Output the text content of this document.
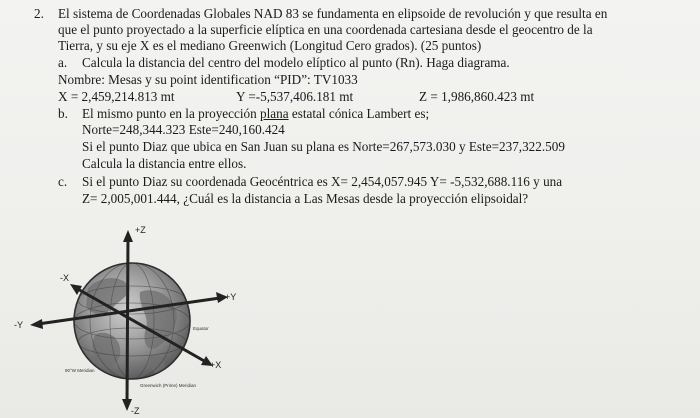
2. El sistema de Coordenadas Globales NAD 83 se fundamenta en elipsoide de revolución y que resulta en
que el punto proyectado a la superficie elíptica en una coordenada cartesiana desde el geocentro de la
Tierra, y su eje X es el mediano Greenwich (Longitud Cero grados). (25 puntos)
a. Calcula la distancia del centro del modelo elíptico al punto (Rn). Haga diagrama.
Nombre: Mesas y su point identification “PID”: TV1033
X = 2,459,214.813 mt	Y =-5,537,406.181 mt	Z = 1,986,860.423 mt
b. El mismo punto en la proyección plana estatal cónica Lambert es;
Norte=248,344.323 Este=240,160.424
Si el punto Diaz que ubica en San Juan su plana es Norte=267,573.030 y Este=237,322.509
Calcula la distancia entre ellos.
c. Si el punto Diaz su coordenada Geocéntrica es X= 2,454,057.945 Y= -5,532,688.116 y una
Z= 2,005,001.444, ¿Cuál es la distancia a Las Mesas desde la proyección elipsoidal?
+Z
-Z
-X
+X
-Y
+Y
Equator
90°W Meridian
Greenwich (Prime) Meridian
